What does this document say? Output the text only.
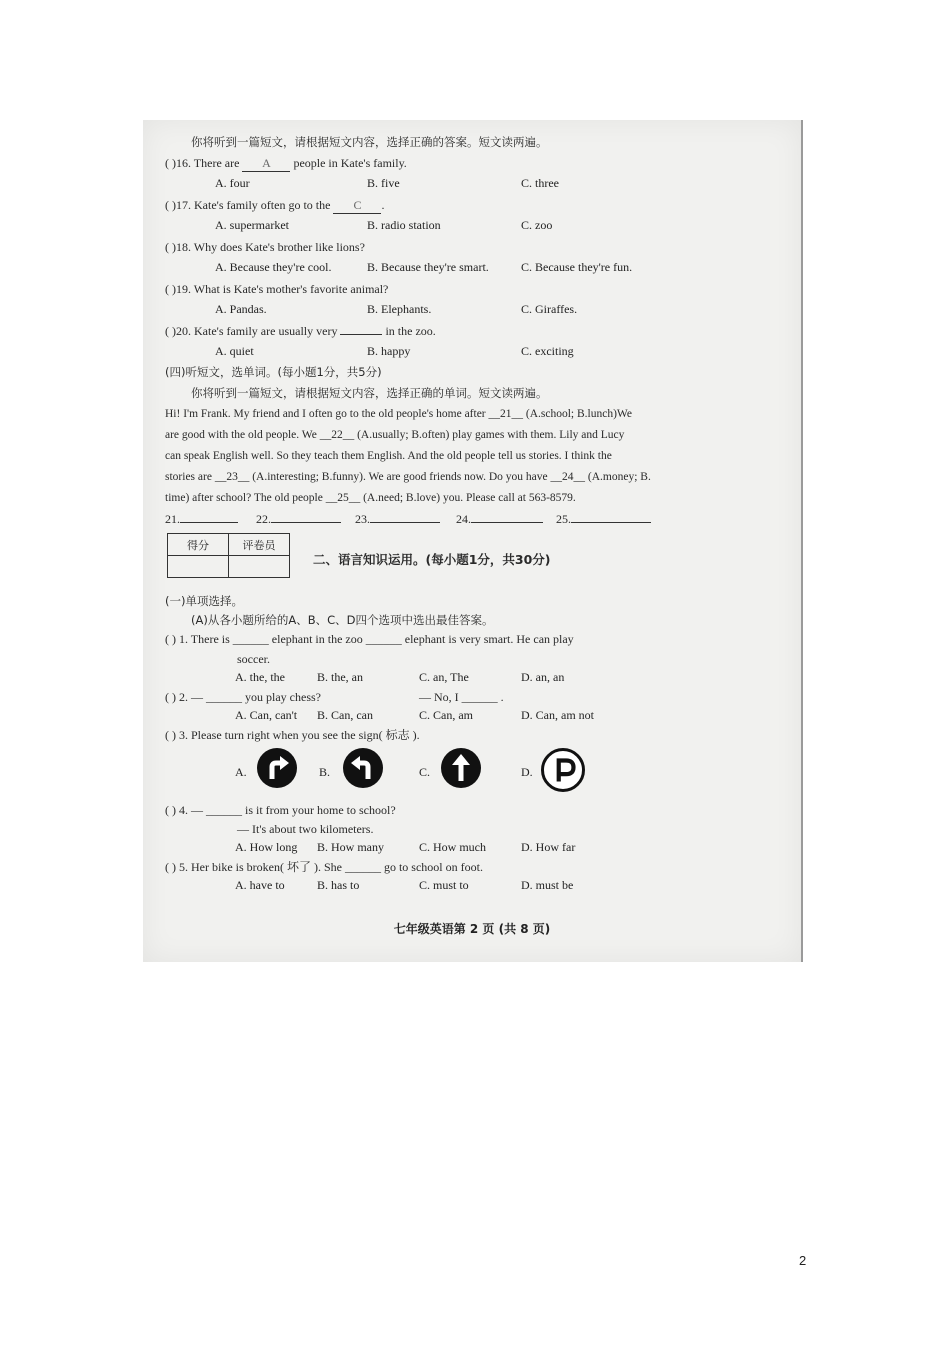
你将听到一篇短文，请根据短文内容，选择正确的答案。短文读两遍。
( )16. There are A people in Kate's family.
A. four	B. five	C. three
( )17. Kate's family often go to the C .
A. supermarket	B. radio station	C. zoo
( )18. Why does Kate's brother like lions?
A. Because they're cool.	B. Because they're smart.	C. Because they're fun.
( )19. What is Kate's mother's favorite animal?
A. Pandas.	B. Elephants.	C. Giraffes.
( )20. Kate's family are usually very	in the zoo.
A. quiet	B. happy	C. exciting
(四)听短文，选单词。(每小题1分，共5分)
你将听到一篇短文，请根据短文内容，选择正确的单词。短文读两遍。
Hi! I'm Frank. My friend and I often go to the old people's home after __21__ (A.school; B.lunch)We
are good with the old people. We __22__ (A.usually; B.often) play games with them. Lily and Lucy
can speak English well. So they teach them English. And the old people tell us stories. I think the
stories are __23__ (A.interesting; B.funny). We are good friends now. Do you have __24__ (A.money; B.
time) after school? The old people __25__ (A.need; B.love) you. Please call at 563-8579.
21.	22.	23.	24.	25.
得分	评卷员

二、语言知识运用。(每小题1分，共30分)
(一)单项选择。
(A)从各小题所给的A、B、C、D四个选项中选出最佳答案。
( ) 1. There is ______ elephant in the zoo ______ elephant is very smart. He can play
soccer.
A. the, the	B. the, an	C. an, The	D. an, an
( ) 2. — ______ you play chess?	— No, I ______ .
A. Can, can't B. Can, can	C. Can, am	D. Can, am not
( ) 3. Please turn right when you see the sign( 标志 ).
A.	B.	C.	D.
( ) 4. — ______ is it from your home to school?
— It's about two kilometers.
A. How long B. How many	C. How much	D. How far
( ) 5. Her bike is broken( 坏了 ). She ______ go to school on foot.
A. have to	B. has to	C. must to	D. must be
七年级英语第 2 页 (共 8 页)
2
